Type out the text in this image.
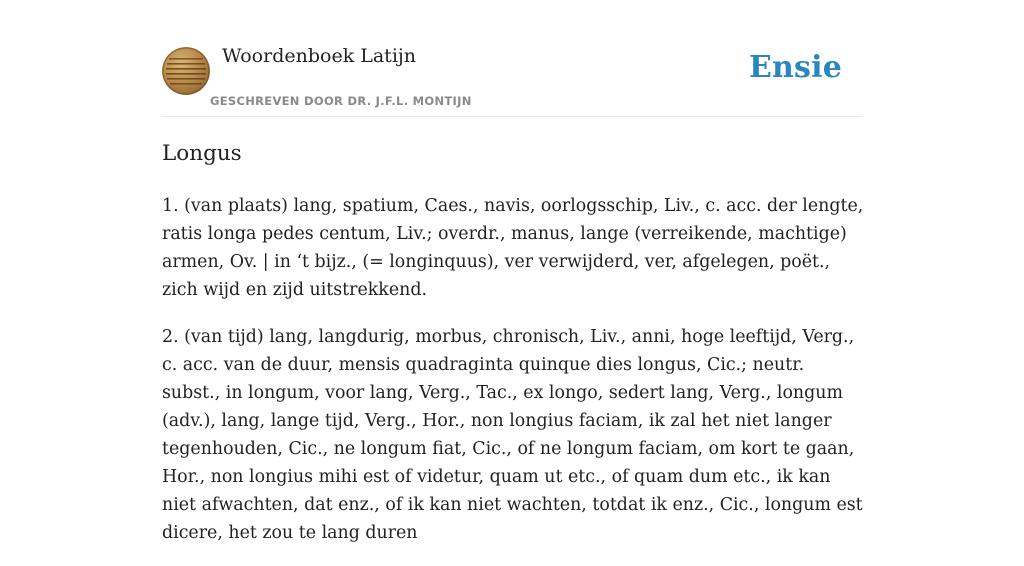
Woordenboek Latijn
GESCHREVEN DOOR DR. J.F.L. MONTIJN
Ensie
Longus

1. (van plaats) lang, spatium, Caes., navis, oorlogsschip, Liv., c. acc. der lengte, ratis longa pedes centum, Liv.; overdr., manus, lange (verreikende, machtige) armen, Ov. | in ‘t bijz., (= longinquus), ver verwijderd, ver, afgelegen, poët., zich wijd en zijd uitstrekkend.

2. (van tijd) lang, langdurig, morbus, chronisch, Liv., anni, hoge leeftijd, Verg., c. acc. van de duur, mensis quadraginta quinque dies longus, Cic.; neutr. subst., in longum, voor lang, Verg., Tac., ex longo, sedert lang, Verg., longum (adv.), lang, lange tijd, Verg., Hor., non longius faciam, ik zal het niet langer tegenhouden, Cic., ne longum fiat, Cic., of ne longum faciam, om kort te gaan, Hor., non longius mihi est of videtur, quam ut etc., of quam dum etc., ik kan niet afwachten, dat enz., of ik kan niet wachten, totdat ik enz., Cic., longum est dicere, het zou te lang duren
